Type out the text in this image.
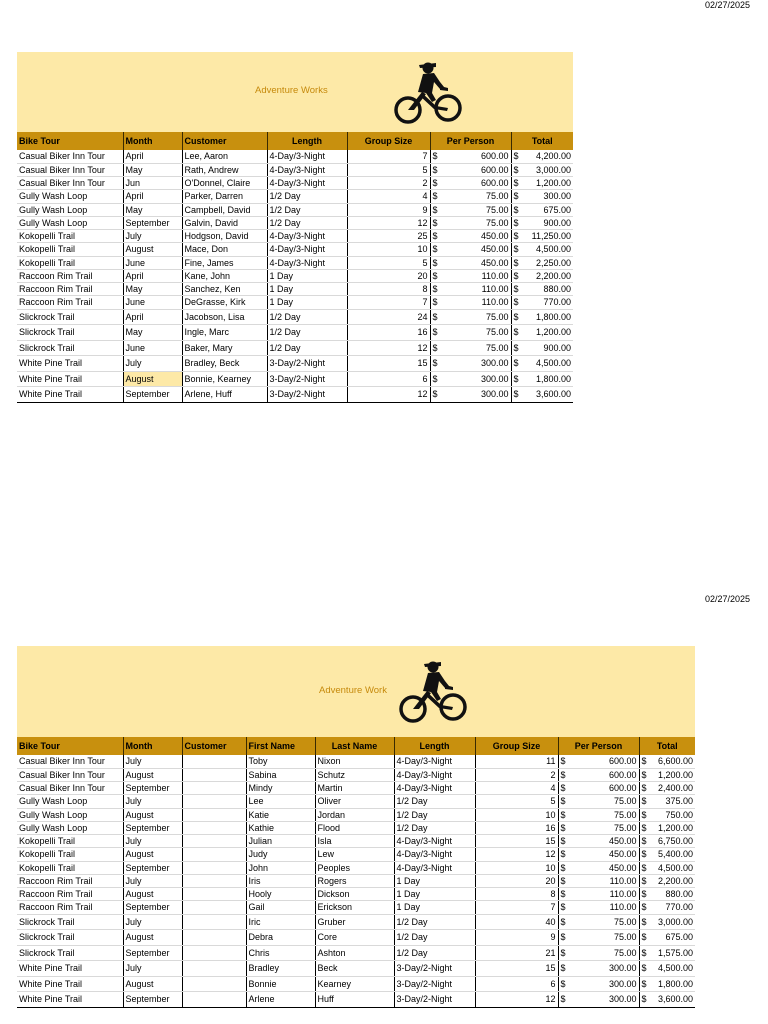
02/27/2025
Adventure Works
Bike Tour	Month	Customer	Length	Group Size	Per Person	Total
Casual Biker Inn Tour	April	Lee, Aaron	4-Day/3-Night	7	$ 600.00	$ 4,200.00

Casual Biker Inn Tour	May	Rath, Andrew	4-Day/3-Night	5	$ 600.00	$ 3,000.00

Casual Biker Inn Tour	Jun	O'Donnel, Claire	4-Day/3-Night	2	$ 600.00	$ 1,200.00

Gully Wash Loop	April	Parker, Darren	1/2 Day	4	$ 75.00	$ 300.00

Gully Wash Loop	May	Campbell, David	1/2 Day	9	$ 75.00	$ 675.00

Gully Wash Loop	September	Galvin, David	1/2 Day	12	$ 75.00	$ 900.00

Kokopelli Trail	July	Hodgson, David	4-Day/3-Night	25	$ 450.00	$ 11,250.00

Kokopelli Trail	August	Mace, Don	4-Day/3-Night	10	$ 450.00	$ 4,500.00

Kokopelli Trail	June	Fine, James	4-Day/3-Night	5	$ 450.00	$ 2,250.00

Raccoon Rim Trail	April	Kane, John	1 Day	20	$ 110.00	$ 2,200.00

Raccoon Rim Trail	May	Sanchez, Ken	1 Day	8	$ 110.00	$ 880.00

Raccoon Rim Trail	June	DeGrasse, Kirk	1 Day	7	$ 110.00	$ 770.00

Slickrock Trail	April	Jacobson, Lisa	1/2 Day	24	$ 75.00	$ 1,800.00

Slickrock Trail	May	Ingle, Marc	1/2 Day	16	$ 75.00	$ 1,200.00

Slickrock Trail	June	Baker, Mary	1/2 Day	12	$ 75.00	$ 900.00

White Pine Trail	July	Bradley, Beck	3-Day/2-Night	15	$ 300.00	$ 4,500.00

White Pine Trail	August	Bonnie, Kearney	3-Day/2-Night	6	$ 300.00	$ 1,800.00

White Pine Trail	September	Arlene, Huff	3-Day/2-Night	12	$ 300.00	$ 3,600.00
02/27/2025
Adventure Work
Bike Tour	Month	Customer	First Name	Last Name	Length	Group Size	Per Person	Total
Casual Biker Inn Tour	July		Toby	Nixon	4-Day/3-Night	11	$ 600.00	$ 6,600.00

Casual Biker Inn Tour	August		Sabina	Schutz	4-Day/3-Night	2	$ 600.00	$ 1,200.00

Casual Biker Inn Tour	September		Mindy	Martin	4-Day/3-Night	4	$ 600.00	$ 2,400.00

Gully Wash Loop	July		Lee	Oliver	1/2 Day	5	$ 75.00	$ 375.00

Gully Wash Loop	August		Katie	Jordan	1/2 Day	10	$ 75.00	$ 750.00

Gully Wash Loop	September		Kathie	Flood	1/2 Day	16	$ 75.00	$ 1,200.00

Kokopelli Trail	July		Julian	Isla	4-Day/3-Night	15	$ 450.00	$ 6,750.00

Kokopelli Trail	August		Judy	Lew	4-Day/3-Night	12	$ 450.00	$ 5,400.00

Kokopelli Trail	September		John	Peoples	4-Day/3-Night	10	$ 450.00	$ 4,500.00

Raccoon Rim Trail	July		Iris	Rogers	1 Day	20	$ 110.00	$ 2,200.00

Raccoon Rim Trail	August		Hooly	Dickson	1 Day	8	$ 110.00	$ 880.00

Raccoon Rim Trail	September		Gail	Erickson	1 Day	7	$ 110.00	$ 770.00

Slickrock Trail	July		Iric	Gruber	1/2 Day	40	$ 75.00	$ 3,000.00

Slickrock Trail	August		Debra	Core	1/2 Day	9	$ 75.00	$ 675.00

Slickrock Trail	September		Chris	Ashton	1/2 Day	21	$ 75.00	$ 1,575.00

White Pine Trail	July		Bradley	Beck	3-Day/2-Night	15	$ 300.00	$ 4,500.00

White Pine Trail	August		Bonnie	Kearney	3-Day/2-Night	6	$ 300.00	$ 1,800.00

White Pine Trail	September		Arlene	Huff	3-Day/2-Night	12	$ 300.00	$ 3,600.00
